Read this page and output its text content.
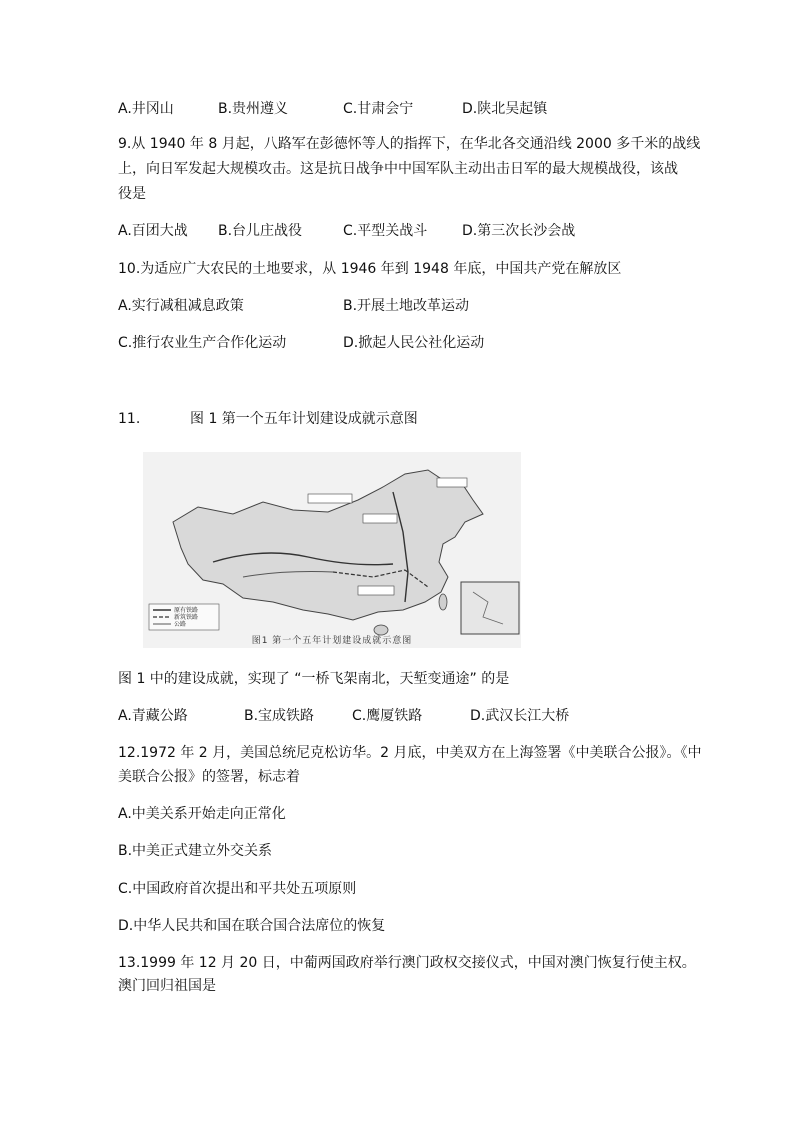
A.井冈山	B.贵州遵义	C.甘肃会宁	D.陕北吴起镇
9.从 1940 年 8 月起，八路军在彭德怀等人的指挥下，在华北各交通沿线 2000 多千米的战线
上，向日军发起大规模攻击。这是抗日战争中中国军队主动出击日军的最大规模战役，该战
役是
A.百团大战 B.台儿庄战役	C.平型关战斗 D.第三次长沙会战
10.为适应广大农民的土地要求，从 1946 年到 1948 年底，中国共产党在解放区
A.实行减租减息政策	B.开展土地改革运动
C.推行农业生产合作化运动	D.掀起人民公社化运动
11.	图 1 第一个五年计划建设成就示意图
原有铁路
新筑铁路
公路
图1 第一个五年计划建设成就示意图
图 1 中的建设成就，实现了 “一桥飞架南北，天堑变通途” 的是
A.青藏公路	B.宝成铁路	C.鹰厦铁路	D.武汉长江大桥
12.1972 年 2 月，美国总统尼克松访华。2 月底，中美双方在上海签署《中美联合公报》。《中
美联合公报》的签署，标志着
A.中美关系开始走向正常化
B.中美正式建立外交关系
C.中国政府首次提出和平共处五项原则
D.中华人民共和国在联合国合法席位的恢复
13.1999 年 12 月 20 日，中葡两国政府举行澳门政权交接仪式，中国对澳门恢复行使主权。
澳门回归祖国是
